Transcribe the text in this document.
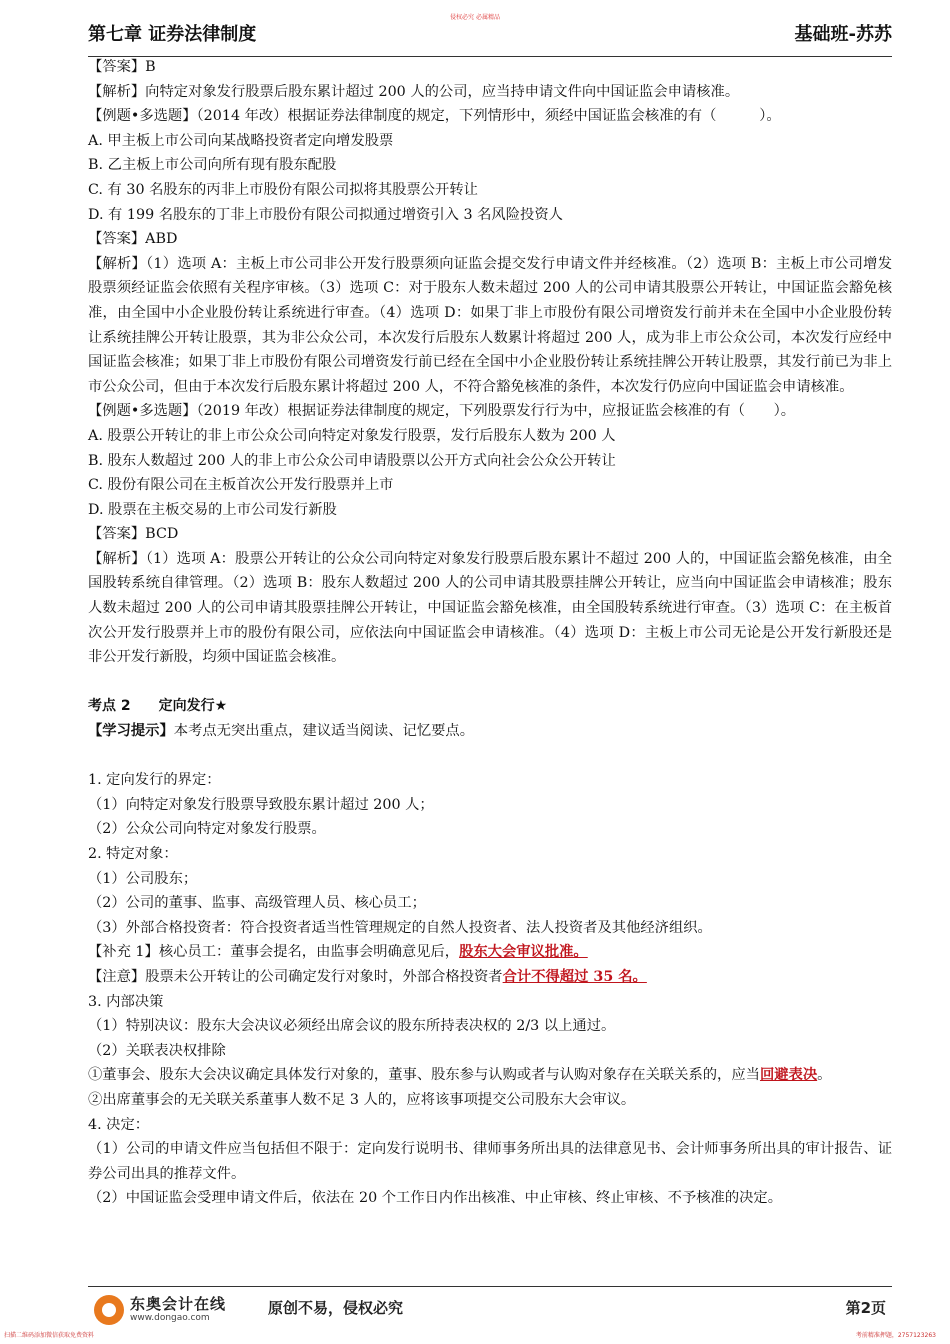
侵权必究 必属精品
第七章 证券法律制度	基础班-苏苏

【答案】B

【解析】向特定对象发行股票后股东累计超过 200 人的公司，应当持申请文件向中国证监会申请核准。

【例题•多选题】（2014 年改）根据证券法律制度的规定，下列情形中，须经中国证监会核准的有（　　　）。

A. 甲主板上市公司向某战略投资者定向增发股票

B. 乙主板上市公司向所有现有股东配股

C. 有 30 名股东的丙非上市股份有限公司拟将其股票公开转让

D. 有 199 名股东的丁非上市股份有限公司拟通过增资引入 3 名风险投资人

【答案】ABD

【解析】（1）选项 A：主板上市公司非公开发行股票须向证监会提交发行申请文件并经核准。（2）选项 B：主板上市公司增发股票须经证监会依照有关程序审核。（3）选项 C：对于股东人数未超过 200 人的公司申请其股票公开转让，中国证监会豁免核准，由全国中小企业股份转让系统进行审查。（4）选项 D：如果丁非上市股份有限公司增资发行前并未在全国中小企业股份转让系统挂牌公开转让股票，其为非公众公司，本次发行后股东人数累计将超过 200 人，成为非上市公众公司，本次发行应经中国证监会核准；如果丁非上市股份有限公司增资发行前已经在全国中小企业股份转让系统挂牌公开转让股票，其发行前已为非上市公众公司，但由于本次发行后股东累计将超过 200 人，不符合豁免核准的条件，本次发行仍应向中国证监会申请核准。

【例题•多选题】（2019 年改）根据证券法律制度的规定，下列股票发行行为中，应报证监会核准的有（　　）。

A. 股票公开转让的非上市公众公司向特定对象发行股票，发行后股东人数为 200 人

B. 股东人数超过 200 人的非上市公众公司申请股票以公开方式向社会公众公开转让

C. 股份有限公司在主板首次公开发行股票并上市

D. 股票在主板交易的上市公司发行新股

【答案】BCD

【解析】（1）选项 A：股票公开转让的公众公司向特定对象发行股票后股东累计不超过 200 人的，中国证监会豁免核准，由全国股转系统自律管理。（2）选项 B：股东人数超过 200 人的公司申请其股票挂牌公开转让，应当向中国证监会申请核准；股东人数未超过 200 人的公司申请其股票挂牌公开转让，中国证监会豁免核准，由全国股转系统进行审查。（3）选项 C：在主板首次公开发行股票并上市的股份有限公司，应依法向中国证监会申请核准。（4）选项 D：主板上市公司无论是公开发行新股还是非公开发行新股，均须中国证监会核准。

考点 2 定向发行★

【学习提示】本考点无突出重点，建议适当阅读、记忆要点。

1. 定向发行的界定：

（1）向特定对象发行股票导致股东累计超过 200 人；

（2）公众公司向特定对象发行股票。

2. 特定对象：

（1）公司股东；

（2）公司的董事、监事、高级管理人员、核心员工；

（3）外部合格投资者：符合投资者适当性管理规定的自然人投资者、法人投资者及其他经济组织。

【补充 1】核心员工：董事会提名，由监事会明确意见后，股东大会审议批准。

【注意】股票未公开转让的公司确定发行对象时，外部合格投资者合计不得超过 35 名。

3. 内部决策

（1）特别决议：股东大会决议必须经出席会议的股东所持表决权的 2/3 以上通过。

（2）关联表决权排除

①董事会、股东大会决议确定具体发行对象的，董事、股东参与认购或者与认购对象存在关联关系的，应当回避表决。

②出席董事会的无关联关系董事人数不足 3 人的，应将该事项提交公司股东大会审议。

4. 决定：

（1）公司的申请文件应当包括但不限于：定向发行说明书、律师事务所出具的法律意见书、会计师事务所出具的审计报告、证券公司出具的推荐文件。

（2）中国证监会受理申请文件后，依法在 20 个工作日内作出核准、中止审核、终止审核、不予核准的决定。

东奥会计在线
www.dongao.com
原创不易，侵权必究	第2页
扫描二维码添加微信获取免费资料	考前精准押题，2757123263
